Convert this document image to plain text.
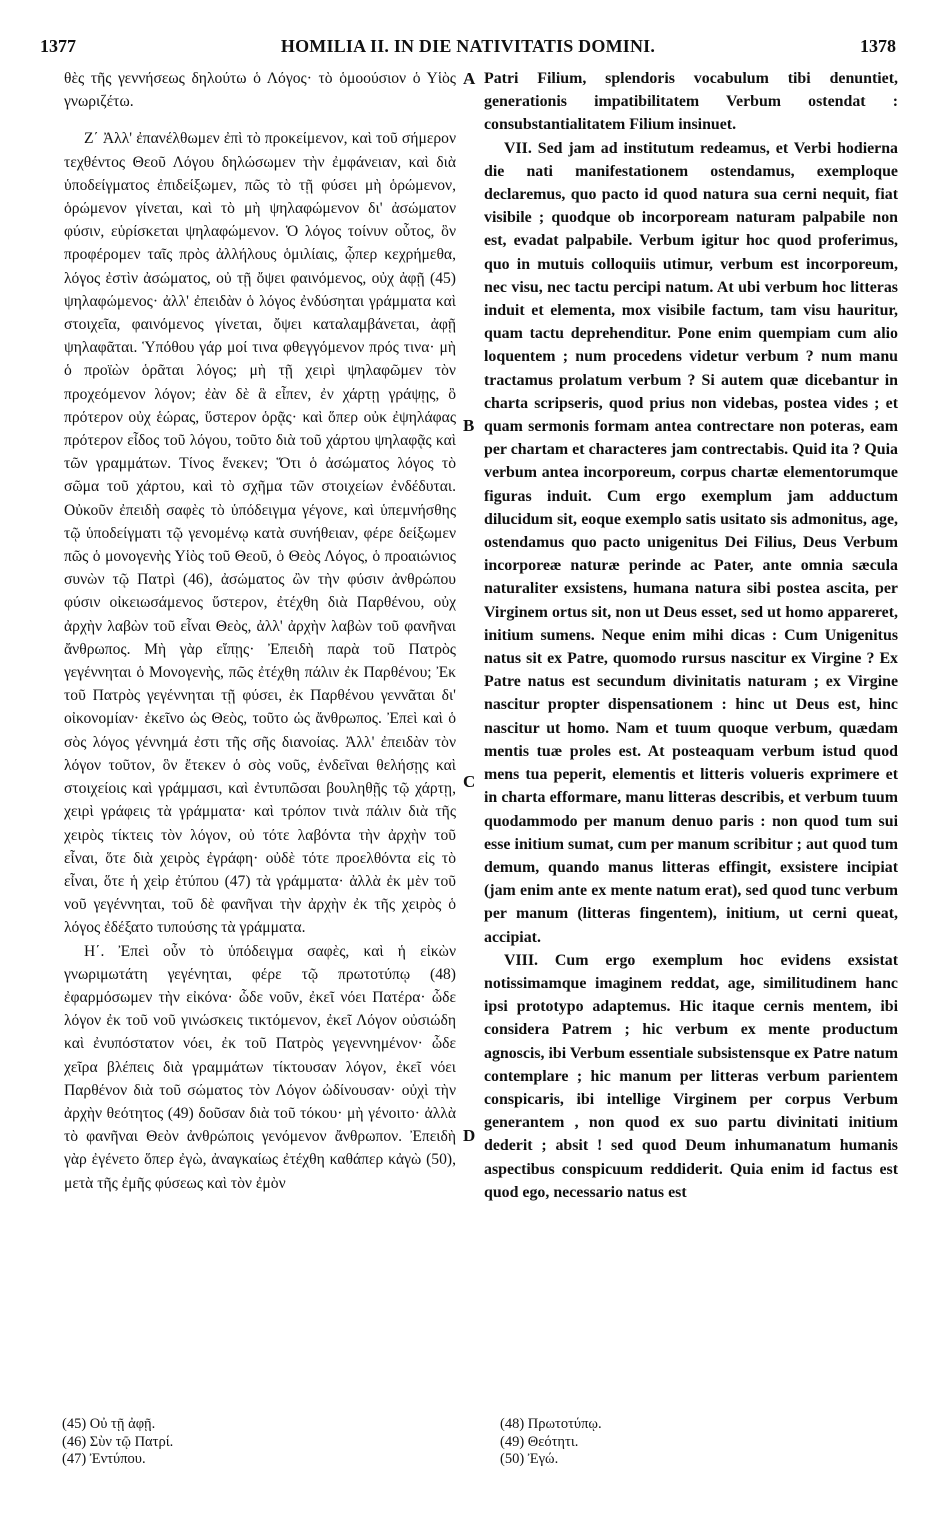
1377	HOMILIA II. IN DIE NATIVITATIS DOMINI.	1378

θὲς τῆς γεννήσεως δηλούτω ὁ Λόγος· τὸ ὁμοούσιον ὁ Υἱὸς γνωριζέτω.

Ζ΄ Ἀλλ' ἐπανέλθωμεν ἐπὶ τὸ προκείμενον, καὶ τοῦ σήμερον τεχθέντος Θεοῦ Λόγου δηλώσωμεν τὴν ἐμφάνειαν, καὶ διὰ ὑποδείγματος ἐπιδείξωμεν, πῶς τὸ τῇ φύσει μὴ ὁρώμενον, ὁρώμενον γίνεται, καὶ τὸ μὴ ψηλαφώμενον δι' ἀσώματον φύσιν, εὑρίσκεται ψηλαφώμενον. Ὁ λόγος τοίνυν οὗτος, ὃν προφέρομεν ταῖς πρὸς ἀλλήλους ὁμιλίαις, ᾧπερ κεχρήμεθα, λόγος ἐστὶν ἀσώματος, οὐ τῇ ὄψει φαινόμενος, οὐχ ἀφῇ (45) ψηλαφώμενος· ἀλλ' ἐπειδὰν ὁ λόγος ἐνδύσηται γράμματα καὶ στοιχεῖα, φαινόμενος γίνεται, ὄψει καταλαμβάνεται, ἀφῇ ψηλαφᾶται. Ὑπόθου γάρ μοί τινα φθεγγόμενον πρός τινα· μὴ ὁ προϊὼν ὁρᾶται λόγος; μὴ τῇ χειρὶ ψηλαφῶμεν τὸν προχεόμενον λόγον; ἐὰν δὲ ἃ εἶπεν, ἐν χάρτῃ γράψῃς, ὃ πρότερον οὐχ ἑώρας, ὕστερον ὁρᾷς· καὶ ὅπερ οὐκ ἐψηλάφας πρότερον εἶδος τοῦ λόγου, τοῦτο διὰ τοῦ χάρτου ψηλαφᾷς καὶ τῶν γραμμάτων. Τίνος ἕνεκεν; Ὅτι ὁ ἀσώματος λόγος τὸ σῶμα τοῦ χάρτου, καὶ τὸ σχῆμα τῶν στοιχείων ἐνδέδυται. Οὐκοῦν ἐπειδὴ σαφὲς τὸ ὑπόδειγμα γέγονε, καὶ ὑπεμνήσθης τῷ ὑποδείγματι τῷ γενομένῳ κατὰ συνήθειαν, φέρε δείξωμεν πῶς ὁ μονογενὴς Υἱὸς τοῦ Θεοῦ, ὁ Θεὸς Λόγος, ὁ προαιώνιος συνὼν τῷ Πατρὶ (46), ἀσώματος ὢν τὴν φύσιν ἀνθρώπου φύσιν οἰκειωσάμενος ὕστερον, ἐτέχθη διὰ Παρθένου, οὐχ ἀρχὴν λαβὼν τοῦ εἶναι Θεὸς, ἀλλ' ἀρχὴν λαβὼν τοῦ φανῆναι ἄνθρωπος. Μὴ γὰρ εἴπῃς· Ἐπειδὴ παρὰ τοῦ Πατρὸς γεγέννηται ὁ Μονογενὴς, πῶς ἐτέχθη πάλιν ἐκ Παρθένου; Ἐκ τοῦ Πατρὸς γεγέννηται τῇ φύσει, ἐκ Παρθένου γεννᾶται δι' οἰκονομίαν· ἐκεῖνο ὡς Θεὸς, τοῦτο ὡς ἄνθρωπος. Ἐπεὶ καὶ ὁ σὸς λόγος γέννημά ἐστι τῆς σῆς διανοίας. Ἀλλ' ἐπειδὰν τὸν λόγον τοῦτον, ὃν ἔτεκεν ὁ σὸς νοῦς, ἐνδεῖναι θελήσῃς καὶ στοιχείοις καὶ γράμμασι, καὶ ἐντυπῶσαι βουληθῇς τῷ χάρτῃ, χειρὶ γράφεις τὰ γράμματα· καὶ τρόπον τινὰ πάλιν διὰ τῆς χειρὸς τίκτεις τὸν λόγον, οὐ τότε λαβόντα τὴν ἀρχὴν τοῦ εἶναι, ὅτε διὰ χειρὸς ἐγράφη· οὐδὲ τότε προελθόντα εἰς τὸ εἶναι, ὅτε ἡ χεὶρ ἐτύπου (47) τὰ γράμματα· ἀλλὰ ἐκ μὲν τοῦ νοῦ γεγέννηται, τοῦ δὲ φανῆναι τὴν ἀρχὴν ἐκ τῆς χειρὸς ὁ λόγος ἐδέξατο τυπούσης τὰ γράμματα.

Η΄. Ἐπεὶ οὖν τὸ ὑπόδειγμα σαφὲς, καὶ ἡ εἰκὼν γνωριμωτάτη γεγένηται, φέρε τῷ πρωτοτύπῳ (48) ἐφαρμόσωμεν τὴν εἰκόνα· ὧδε νοῦν, ἐκεῖ νόει Πατέρα· ὧδε λόγον ἐκ τοῦ νοῦ γινώσκεις τικτόμενον, ἐκεῖ Λόγον οὐσιώδη καὶ ἐνυπόστατον νόει, ἐκ τοῦ Πατρὸς γεγεννημένον· ὧδε χεῖρα βλέπεις διὰ γραμμάτων τίκτουσαν λόγον, ἐκεῖ νόει Παρθένον διὰ τοῦ σώματος τὸν Λόγον ὠδίνουσαν· οὐχὶ τὴν ἀρχὴν θεότητος (49) δοῦσαν διὰ τοῦ τόκου· μὴ γένοιτο· ἀλλὰ τὸ φανῆναι Θεὸν ἀνθρώποις γενόμενον ἄνθρωπον. Ἐπειδὴ γὰρ ἐγένετο ὅπερ ἐγὼ, ἀναγκαίως ἐτέχθη καθάπερ κἀγὼ (50), μετὰ τῆς ἐμῆς φύσεως καὶ τὸν ἐμὸν

A
B
C
D

Patri Filium, splendoris vocabulum tibi denuntiet, generationis impatibilitatem Verbum ostendat : consubstantialitatem Filium insinuet.

VII. Sed jam ad institutum redeamus, et Verbi hodierna die nati manifestationem ostendamus, exemploque declaremus, quo pacto id quod natura sua cerni nequit, fiat visibile ; quodque ob incorpoream naturam palpabile non est, evadat palpabile. Verbum igitur hoc quod proferimus, quo in mutuis colloquiis utimur, verbum est incorporeum, nec visu, nec tactu percipi natum. At ubi verbum hoc litteras induit et elementa, mox visibile factum, tam visu hauritur, quam tactu deprehenditur. Pone enim quempiam cum alio loquentem ; num procedens videtur verbum ? num manu tractamus prolatum verbum ? Si autem quæ dicebantur in charta scripseris, quod prius non videbas, postea vides ; et quam sermonis formam antea contrectare non poteras, eam per chartam et characteres jam contrectabis. Quid ita ? Quia verbum antea incorporeum, corpus chartæ elementorumque figuras induit. Cum ergo exemplum jam adductum dilucidum sit, eoque exemplo satis usitato sis admonitus, age, ostendamus quo pacto unigenitus Dei Filius, Deus Verbum incorporeæ naturæ perinde ac Pater, ante omnia sæcula naturaliter exsistens, humana natura sibi postea ascita, per Virginem ortus sit, non ut Deus esset, sed ut homo appareret, initium sumens. Neque enim mihi dicas : Cum Unigenitus natus sit ex Patre, quomodo rursus nascitur ex Virgine ? Ex Patre natus est secundum divinitatis naturam ; ex Virgine nascitur propter dispensationem : hinc ut Deus est, hinc nascitur ut homo. Nam et tuum quoque verbum, quædam mentis tuæ proles est. At posteaquam verbum istud quod mens tua peperit, elementis et litteris volueris exprimere et in charta efformare, manu litteras describis, et verbum tuum quodammodo per manum denuo paris : non quod tum sui esse initium sumat, cum per manum scribitur ; aut quod tum demum, quando manus litteras effingit, exsistere incipiat (jam enim ante ex mente natum erat), sed quod tunc verbum per manum (litteras fingentem), initium, ut cerni queat, accipiat.

VIII. Cum ergo exemplum hoc evidens exsistat notissimamque imaginem reddat, age, similitudinem hanc ipsi prototypo adaptemus. Hic itaque cernis mentem, ibi considera Patrem ; hic verbum ex mente productum agnoscis, ibi Verbum essentiale subsistensque ex Patre natum contemplare ; hic manum per litteras verbum parientem conspicaris, ibi intellige Virginem per corpus Verbum generantem , non quod ex suo partu divinitati initium dederit ; absit ! sed quod Deum inhumanatum humanis aspectibus conspicuum reddiderit. Quia enim id factus est quod ego, necessario natus est

(45) Οὐ τῇ ἀφῇ.
(46) Σὺν τῷ Πατρί.
(47) Ἐντύπου.
(48) Πρωτοτύπῳ.
(49) Θεότητι.
(50) Ἐγώ.
